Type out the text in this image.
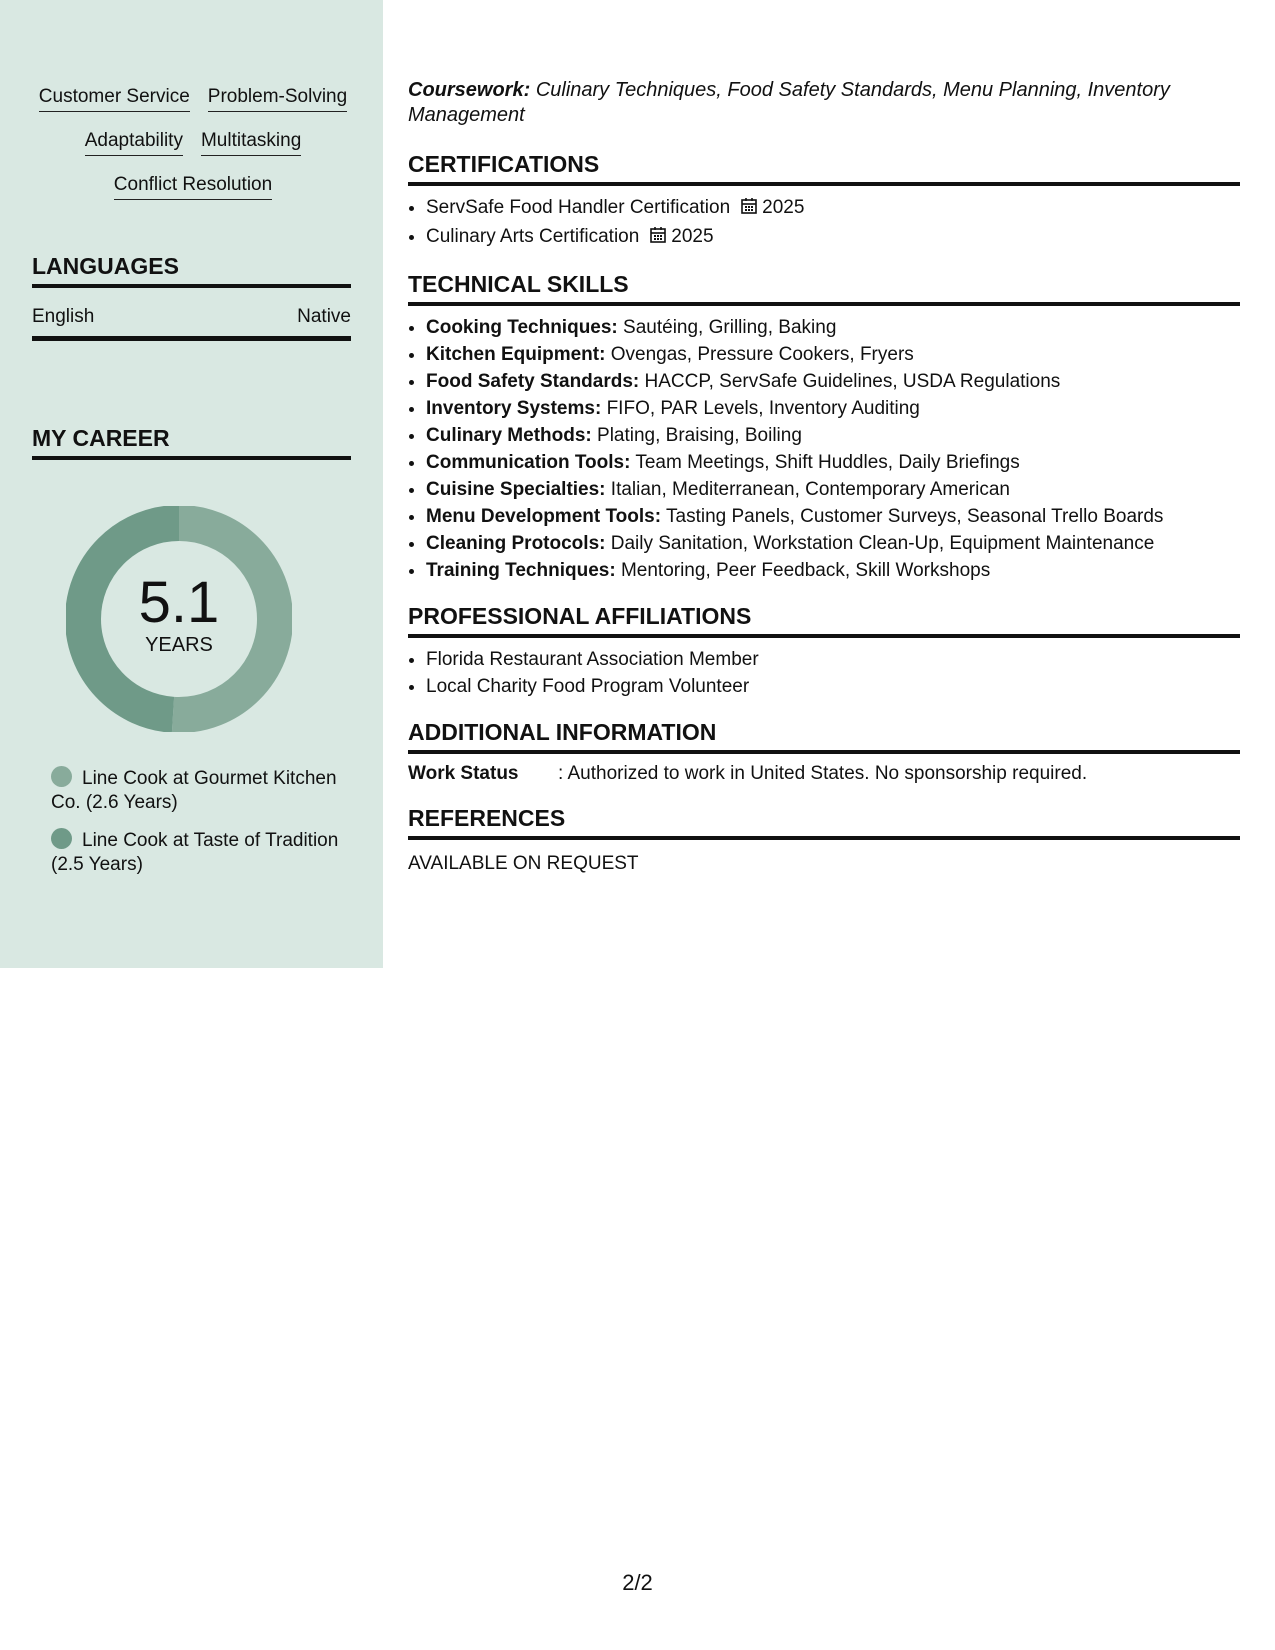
Customer Service Problem-Solving
Adaptability Multitasking
Conflict Resolution
LANGUAGES
English	Native
MY CAREER
5.1
YEARS
Line Cook at Gourmet Kitchen Co. (2.6 Years)
Line Cook at Taste of Tradition (2.5 Years)

Coursework: Culinary Techniques, Food Safety Standards, Menu Planning, Inventory Management

CERTIFICATIONS
• ServSafe Food Handler Certification 2025
• Culinary Arts Certification 2025
TECHNICAL SKILLS
• Cooking Techniques: Sautéing, Grilling, Baking
• Kitchen Equipment: Ovengas, Pressure Cookers, Fryers
• Food Safety Standards: HACCP, ServSafe Guidelines, USDA Regulations
• Inventory Systems: FIFO, PAR Levels, Inventory Auditing
• Culinary Methods: Plating, Braising, Boiling
• Communication Tools: Team Meetings, Shift Huddles, Daily Briefings
• Cuisine Specialties: Italian, Mediterranean, Contemporary American
• Menu Development Tools: Tasting Panels, Customer Surveys, Seasonal Trello Boards
• Cleaning Protocols: Daily Sanitation, Workstation Clean-Up, Equipment Maintenance
• Training Techniques: Mentoring, Peer Feedback, Skill Workshops
PROFESSIONAL AFFILIATIONS
• Florida Restaurant Association Member
• Local Charity Food Program Volunteer
ADDITIONAL INFORMATION
Work Status	: Authorized to work in United States. No sponsorship required.
REFERENCES

AVAILABLE ON REQUEST

2/2
